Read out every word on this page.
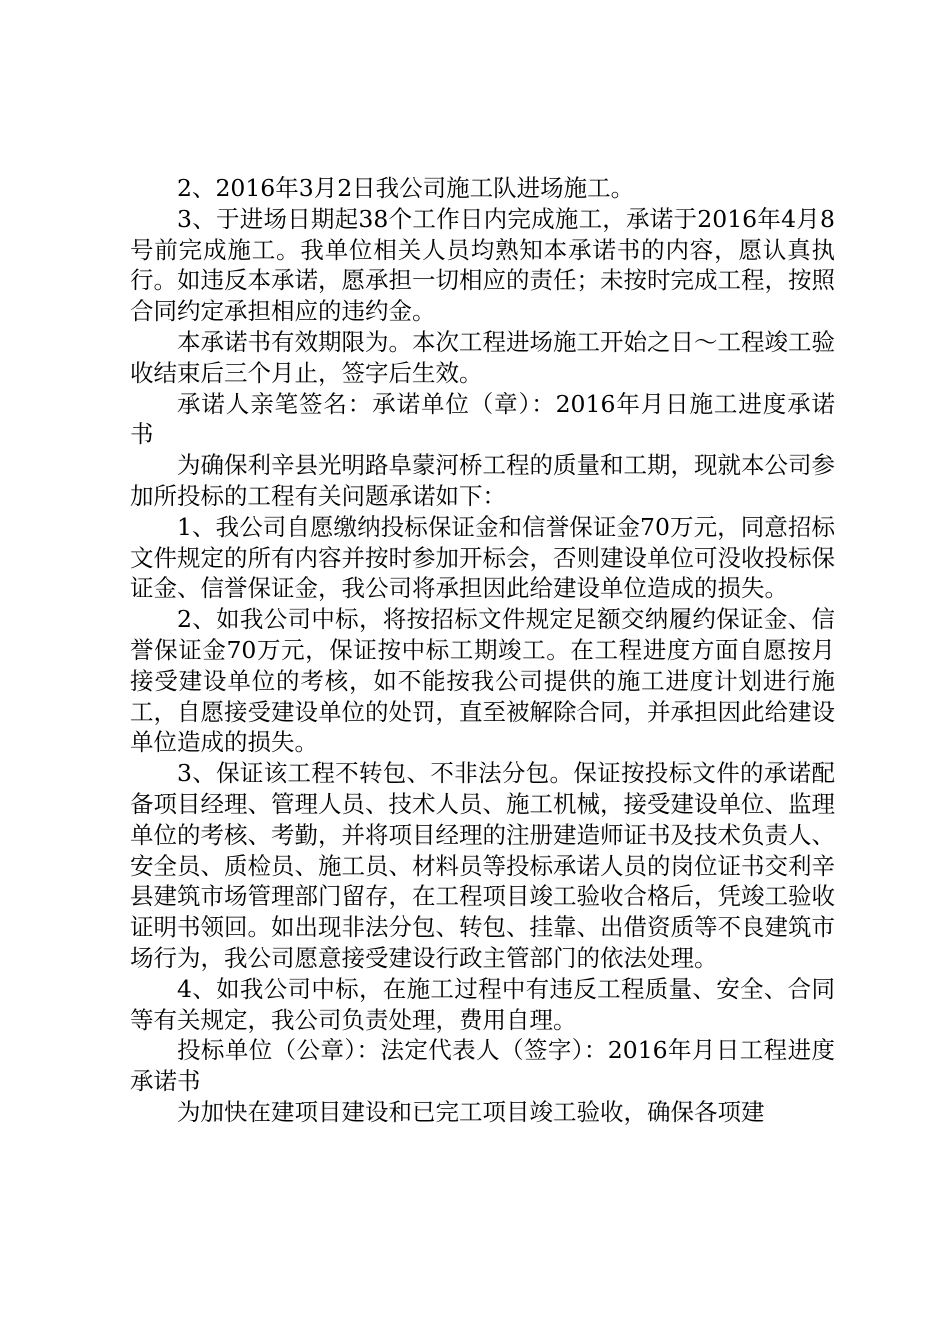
2、2016年3月2日我公司施工队进场施工。

3、于进场日期起38个工作日内完成施工，承诺于2016年4月8号前完成施工。我单位相关人员均熟知本承诺书的内容，愿认真执行。如违反本承诺，愿承担一切相应的责任；未按时完成工程，按照合同约定承担相应的违约金。

本承诺书有效期限为。本次工程进场施工开始之日～工程竣工验收结束后三个月止，签字后生效。

承诺人亲笔签名：承诺单位（章）：2016年月日施工进度承诺书

为确保利辛县光明路阜蒙河桥工程的质量和工期，现就本公司参加所投标的工程有关问题承诺如下：

1、我公司自愿缴纳投标保证金和信誉保证金70万元，同意招标文件规定的所有内容并按时参加开标会，否则建设单位可没收投标保证金、信誉保证金，我公司将承担因此给建设单位造成的损失。

2、如我公司中标，将按招标文件规定足额交纳履约保证金、信誉保证金70万元，保证按中标工期竣工。在工程进度方面自愿按月接受建设单位的考核，如不能按我公司提供的施工进度计划进行施工，自愿接受建设单位的处罚，直至被解除合同，并承担因此给建设单位造成的损失。

3、保证该工程不转包、不非法分包。保证按投标文件的承诺配备项目经理、管理人员、技术人员、施工机械，接受建设单位、监理单位的考核、考勤，并将项目经理的注册建造师证书及技术负责人、安全员、质检员、施工员、材料员等投标承诺人员的岗位证书交利辛县建筑市场管理部门留存，在工程项目竣工验收合格后，凭竣工验收证明书领回。如出现非法分包、转包、挂靠、出借资质等不良建筑市场行为，我公司愿意接受建设行政主管部门的依法处理。

4、如我公司中标，在施工过程中有违反工程质量、安全、合同等有关规定，我公司负责处理，费用自理。

投标单位（公章）：法定代表人（签字）：2016年月日工程进度承诺书

为加快在建项目建设和已完工项目竣工验收，确保各项建
